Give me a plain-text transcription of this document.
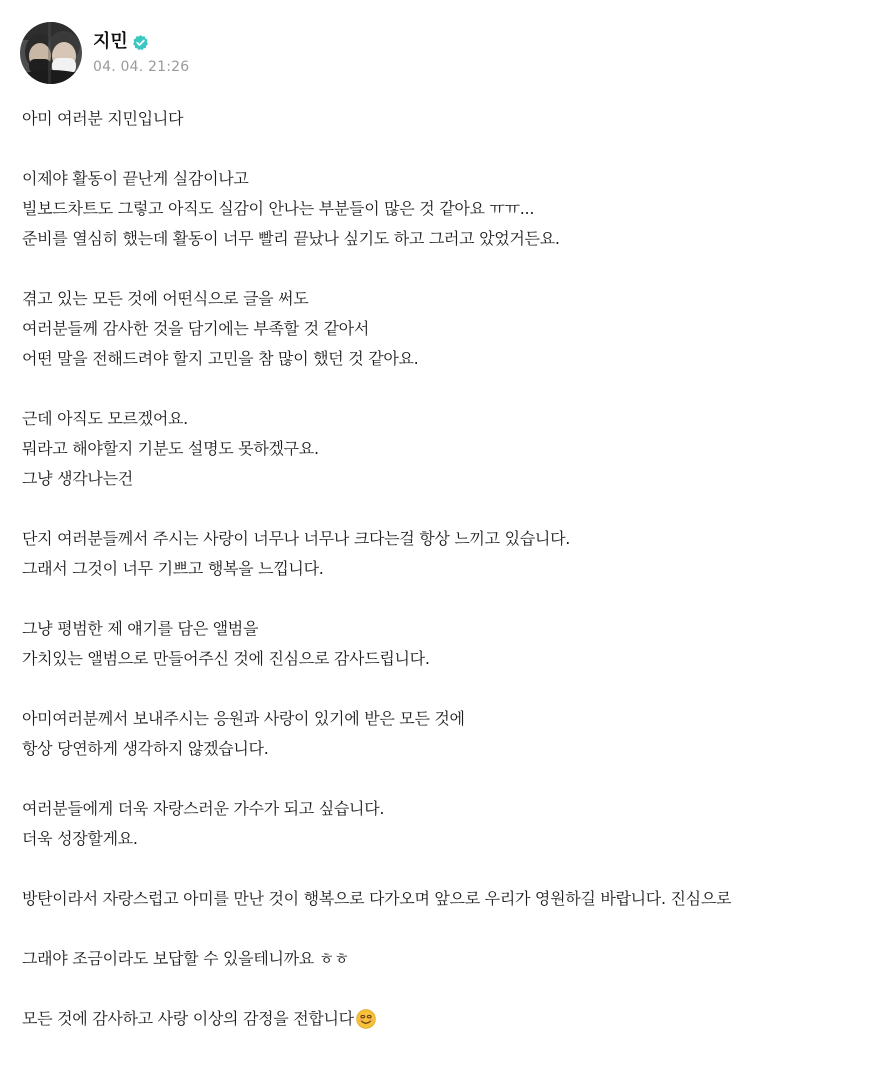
지민
04. 04. 21:26
아미 여러분 지민입니다
이제야 활동이 끝난게 실감이나고
빌보드차트도 그렇고 아직도 실감이 안나는 부분들이 많은 것 같아요 ㅠㅠ...
준비를 열심히 했는데 활동이 너무 빨리 끝났나 싶기도 하고 그러고 았었거든요.
겪고 있는 모든 것에 어떤식으로 글을 써도
여러분들께 감사한 것을 담기에는 부족할 것 같아서
어떤 말을 전해드려야 할지 고민을 참 많이 했던 것 같아요.
근데 아직도 모르겠어요.
뭐라고 해야할지 기분도 설명도 못하겠구요.
그냥 생각나는건
단지 여러분들께서 주시는 사랑이 너무나 너무나 크다는걸 항상 느끼고 있습니다.
그래서 그것이 너무 기쁘고 행복을 느낍니다.
그냥 평범한 제 얘기를 담은 앨범을
가치있는 앨범으로 만들어주신 것에 진심으로 감사드립니다.
아미여러분께서 보내주시는 응원과 사랑이 있기에 받은 모든 것에
항상 당연하게 생각하지 않겠습니다.
여러분들에게 더욱 자랑스러운 가수가 되고 싶습니다.
더욱 성장할게요.
방탄이라서 자랑스럽고 아미를 만난 것이 행복으로 다가오며 앞으로 우리가 영원하길 바랍니다. 진심으로
그래야 조금이라도 보답할 수 있을테니까요 ㅎㅎ
모든 것에 감사하고 사랑 이상의 감정을 전합니다
